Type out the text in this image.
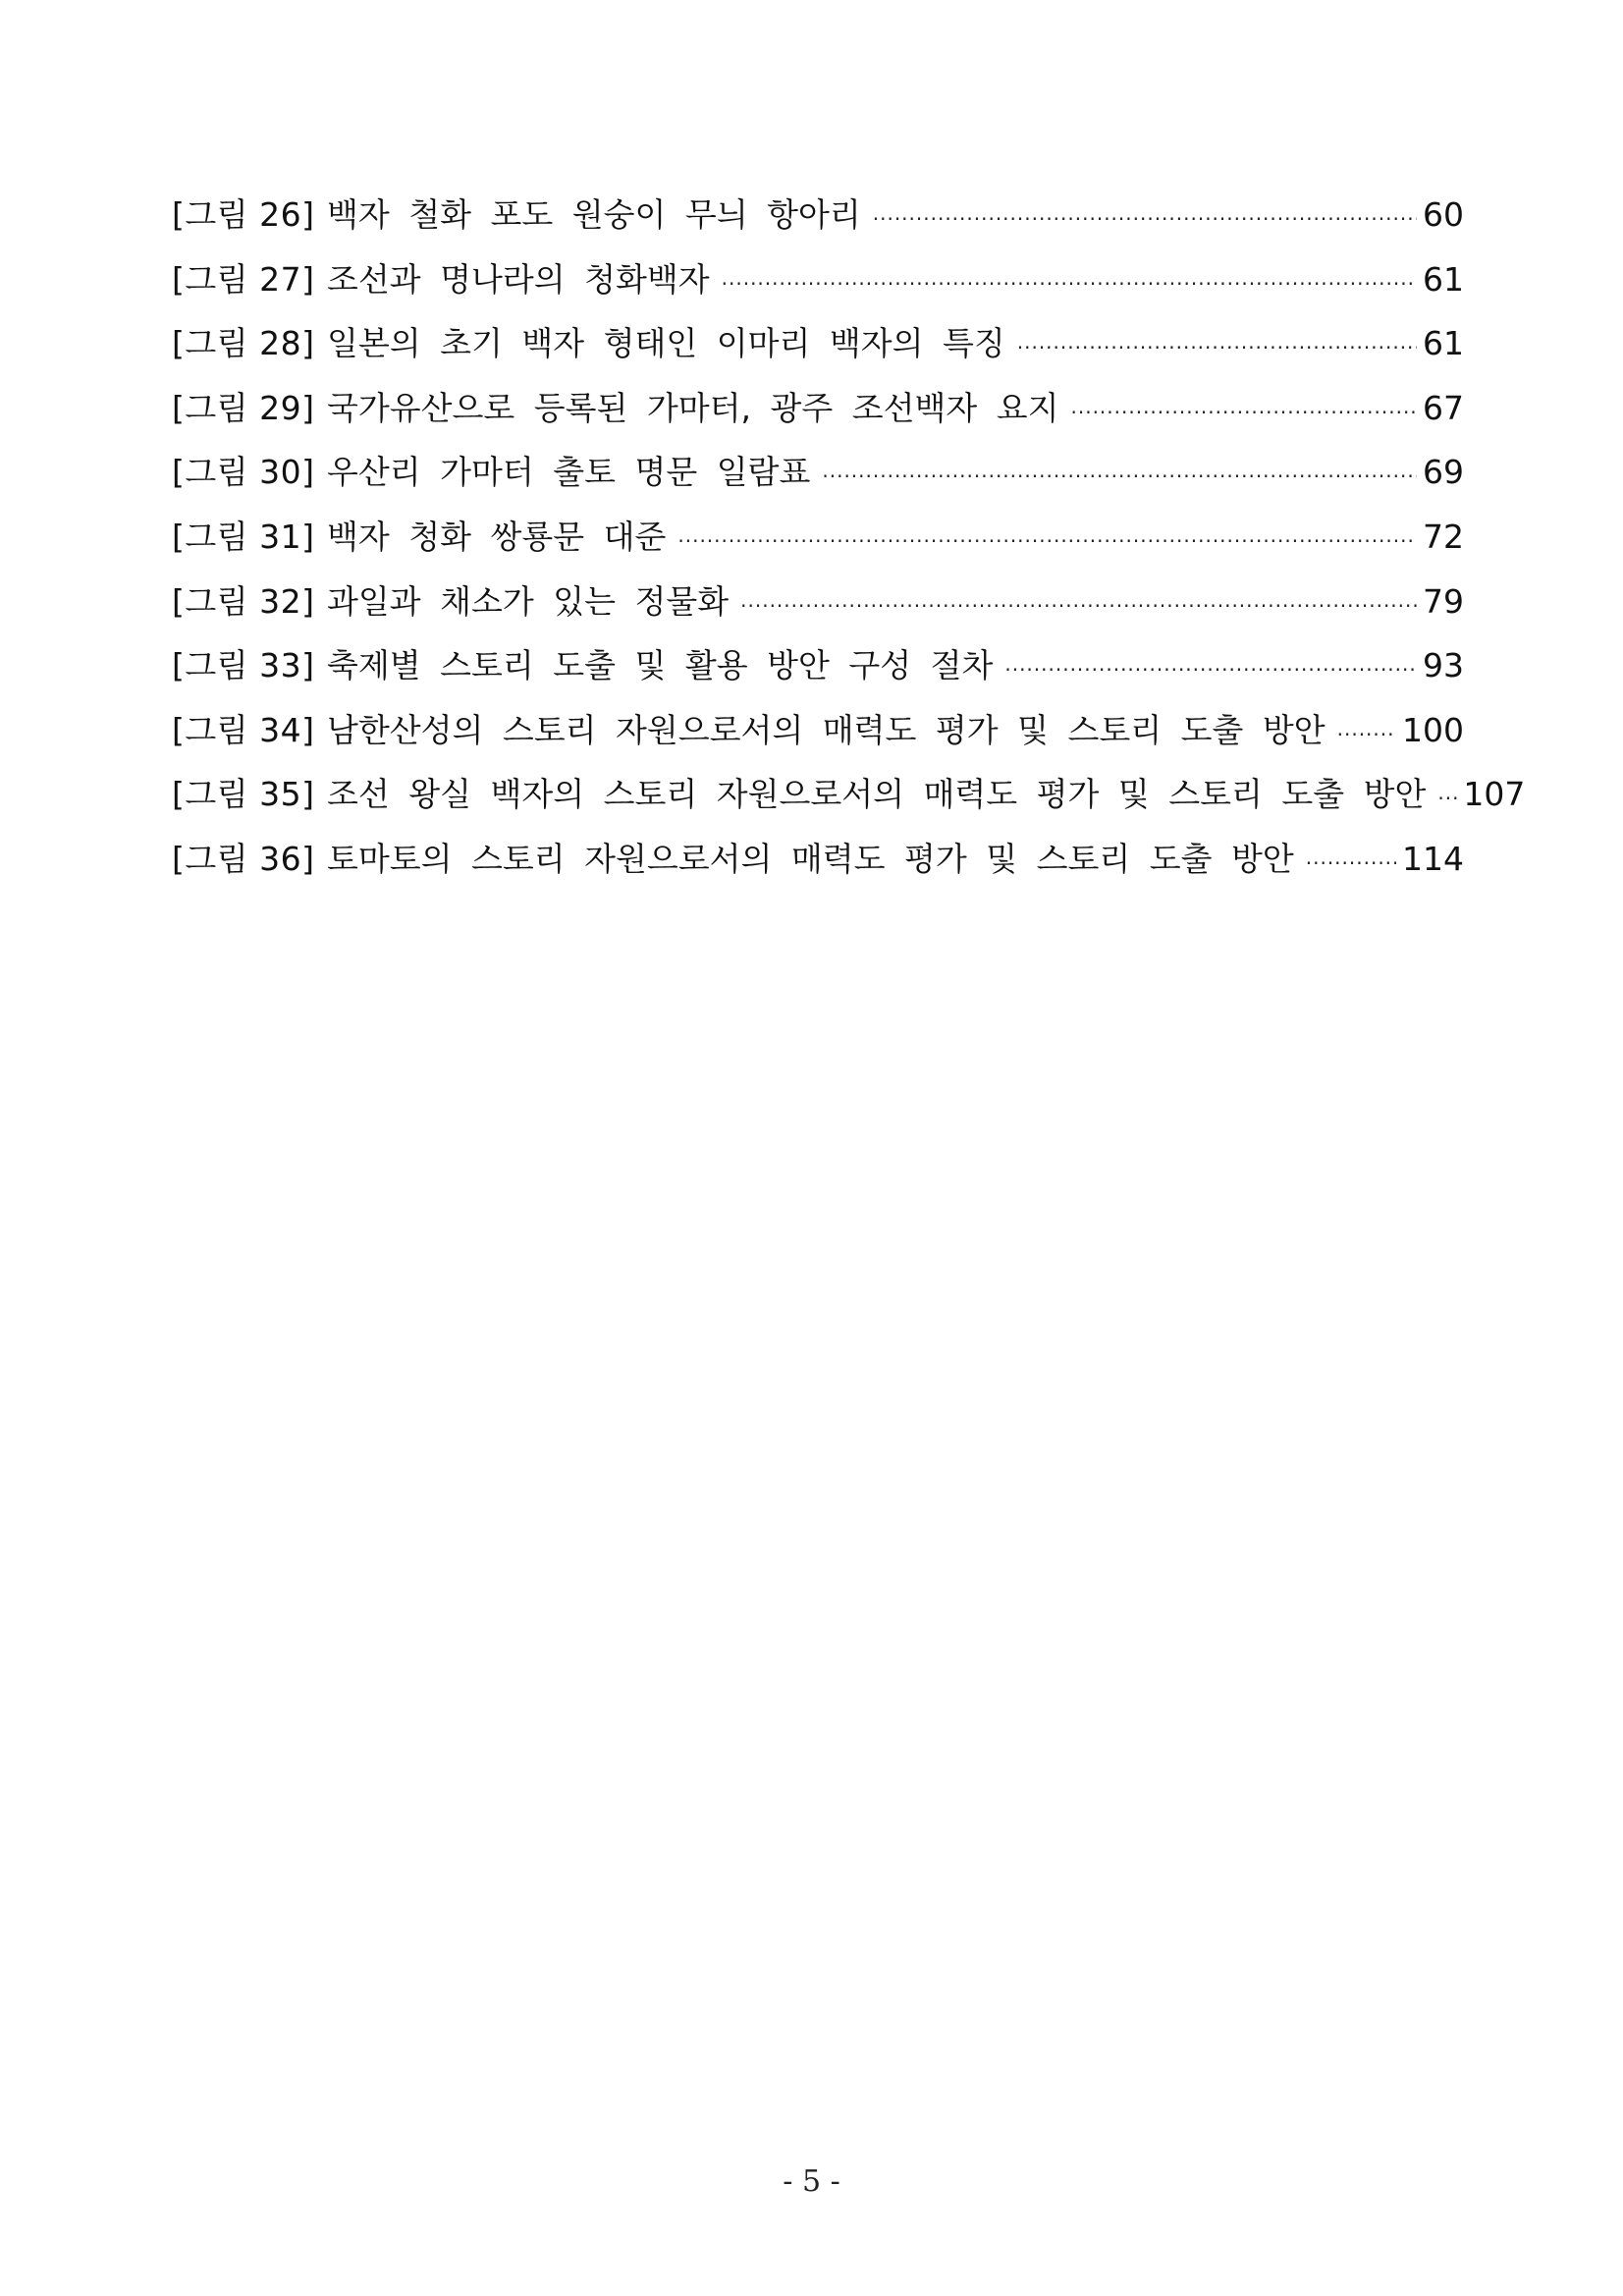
[그림 26] 백자 철화 포도 원숭이 무늬 항아리 ·····	60
[그림 27] 조선과 명나라의 청화백자 ·····	61
[그림 28] 일본의 초기 백자 형태인 이마리 백자의 특징 ·····	61
[그림 29] 국가유산으로 등록된 가마터, 광주 조선백자 요지 ·····	67
[그림 30] 우산리 가마터 출토 명문 일람표 ·····	69
[그림 31] 백자 청화 쌍룡문 대준 ·····	72
[그림 32] 과일과 채소가 있는 정물화 ·····	79
[그림 33] 축제별 스토리 도출 및 활용 방안 구성 절차 ·····	93
[그림 34] 남한산성의 스토리 자원으로서의 매력도 평가 및 스토리 도출 방안 ····· 100
[그림 35] 조선 왕실 백자의 스토리 자원으로서의 매력도 평가 및 스토리 도출 방안 ····· 107
[그림 36] 토마토의 스토리 자원으로서의 매력도 평가 및 스토리 도출 방안 ·····	114
- 5 -
